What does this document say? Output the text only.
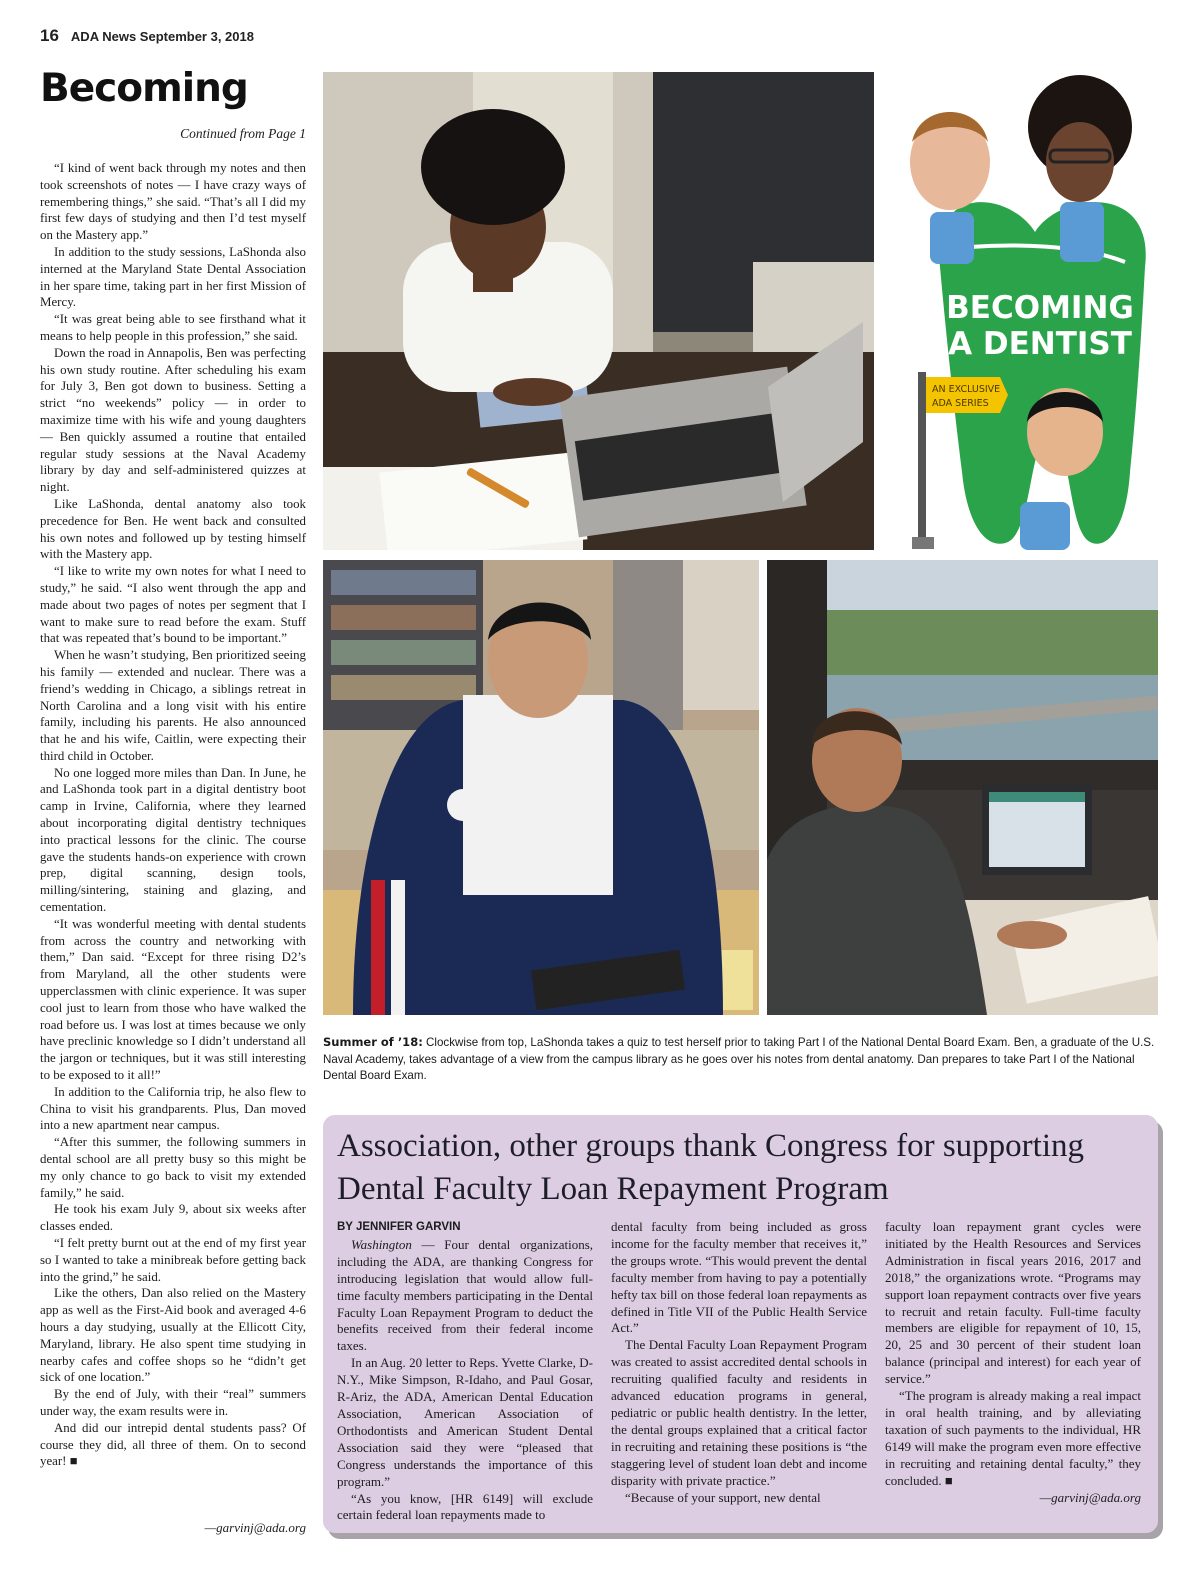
16 ADA News September 3, 2018
Becoming
Continued from Page 1

“I kind of went back through my notes and then took screenshots of notes — I have crazy ways of remembering things,” she said. “That’s all I did my first few days of studying and then I’d test myself on the Mastery app.”

In addition to the study sessions, LaShonda also interned at the Maryland State Dental Association in her spare time, taking part in her first Mission of Mercy.

“It was great being able to see firsthand what it means to help people in this profession,” she said.

Down the road in Annapolis, Ben was perfecting his own study routine. After scheduling his exam for July 3, Ben got down to business. Setting a strict “no weekends” policy — in order to maximize time with his wife and young daughters — Ben quickly assumed a routine that entailed regular study sessions at the Naval Academy library by day and self-administered quizzes at night.

Like LaShonda, dental anatomy also took precedence for Ben. He went back and consulted his own notes and followed up by testing himself with the Mastery app.

“I like to write my own notes for what I need to study,” he said. “I also went through the app and made about two pages of notes per segment that I want to make sure to read before the exam. Stuff that was repeated that’s bound to be important.”

When he wasn’t studying, Ben prioritized seeing his family — extended and nuclear. There was a friend’s wedding in Chicago, a siblings retreat in North Carolina and a long visit with his entire family, including his parents. He also announced that he and his wife, Caitlin, were expecting their third child in October.

No one logged more miles than Dan. In June, he and LaShonda took part in a digital dentistry boot camp in Irvine, California, where they learned about incorporating digital dentistry techniques into practical lessons for the clinic. The course gave the students hands-on experience with crown prep, digital scanning, design tools, milling/sintering, staining and glazing, and cementation.

“It was wonderful meeting with dental students from across the country and networking with them,” Dan said. “Except for three rising D2’s from Maryland, all the other students were upperclassmen with clinic experience. It was super cool just to learn from those who have walked the road before us. I was lost at times because we only have preclinic knowledge so I didn’t understand all the jargon or techniques, but it was still interesting to be exposed to it all!”

In addition to the California trip, he also flew to China to visit his grandparents. Plus, Dan moved into a new apartment near campus.

“After this summer, the following summers in dental school are all pretty busy so this might be my only chance to go back to visit my extended family,” he said.

He took his exam July 9, about six weeks after classes ended.

“I felt pretty burnt out at the end of my first year so I wanted to take a minibreak before getting back into the grind,” he said.

Like the others, Dan also relied on the Mastery app as well as the First-Aid book and averaged 4-6 hours a day studying, usually at the Ellicott City, Maryland, library. He also spent time studying in nearby cafes and coffee shops so he “didn’t get sick of one location.”

By the end of July, with their “real” summers under way, the exam results were in.

And did our intrepid dental students pass? Of course they did, all three of them. On to second year! ■

—garvinj@ada.org
BECOMING
A DENTIST
AN EXCLUSIVE
ADA SERIES
Summer of ’18: Clockwise from top, LaShonda takes a quiz to test herself prior to taking Part I of the National Dental Board Exam. Ben, a graduate of the U.S. Naval Academy, takes advantage of a view from the campus library as he goes over his notes from dental anatomy. Dan prepares to take Part I of the National Dental Board Exam.
Association, other groups thank Congress for supporting Dental Faculty Loan Repayment Program
BY JENNIFER GARVIN

Washington — Four dental organizations, including the ADA, are thanking Congress for introducing legislation that would allow full-time faculty members participating in the Dental Faculty Loan Repayment Program to deduct the benefits received from their federal income taxes.

In an Aug. 20 letter to Reps. Yvette Clarke, D-N.Y., Mike Simpson, R-Idaho, and Paul Gosar, R-Ariz, the ADA, American Dental Education Association, American Association of Orthodontists and American Student Dental Association said they were “pleased that Congress understands the importance of this program.”

“As you know, [HR 6149] will exclude certain federal loan repayments made to

dental faculty from being included as gross income for the faculty member that receives it,” the groups wrote. “This would prevent the dental faculty member from having to pay a potentially hefty tax bill on those federal loan repayments as defined in Title VII of the Public Health Service Act.”

The Dental Faculty Loan Repayment Program was created to assist accredited dental schools in recruiting qualified faculty and residents in advanced education programs in general, pediatric or public health dentistry. In the letter, the dental groups explained that a critical factor in recruiting and retaining these positions is “the staggering level of student loan debt and income disparity with private practice.”

“Because of your support, new dental

faculty loan repayment grant cycles were initiated by the Health Resources and Services Administration in fiscal years 2016, 2017 and 2018,” the organizations wrote. “Programs may support loan repayment contracts over five years to recruit and retain faculty. Full-time faculty members are eligible for repayment of 10, 15, 20, 25 and 30 percent of their student loan balance (principal and interest) for each year of service.”

“The program is already making a real impact in oral health training, and by alleviating taxation of such payments to the individual, HR 6149 will make the program even more effective in recruiting and retaining dental faculty,” they concluded. ■

—garvinj@ada.org
